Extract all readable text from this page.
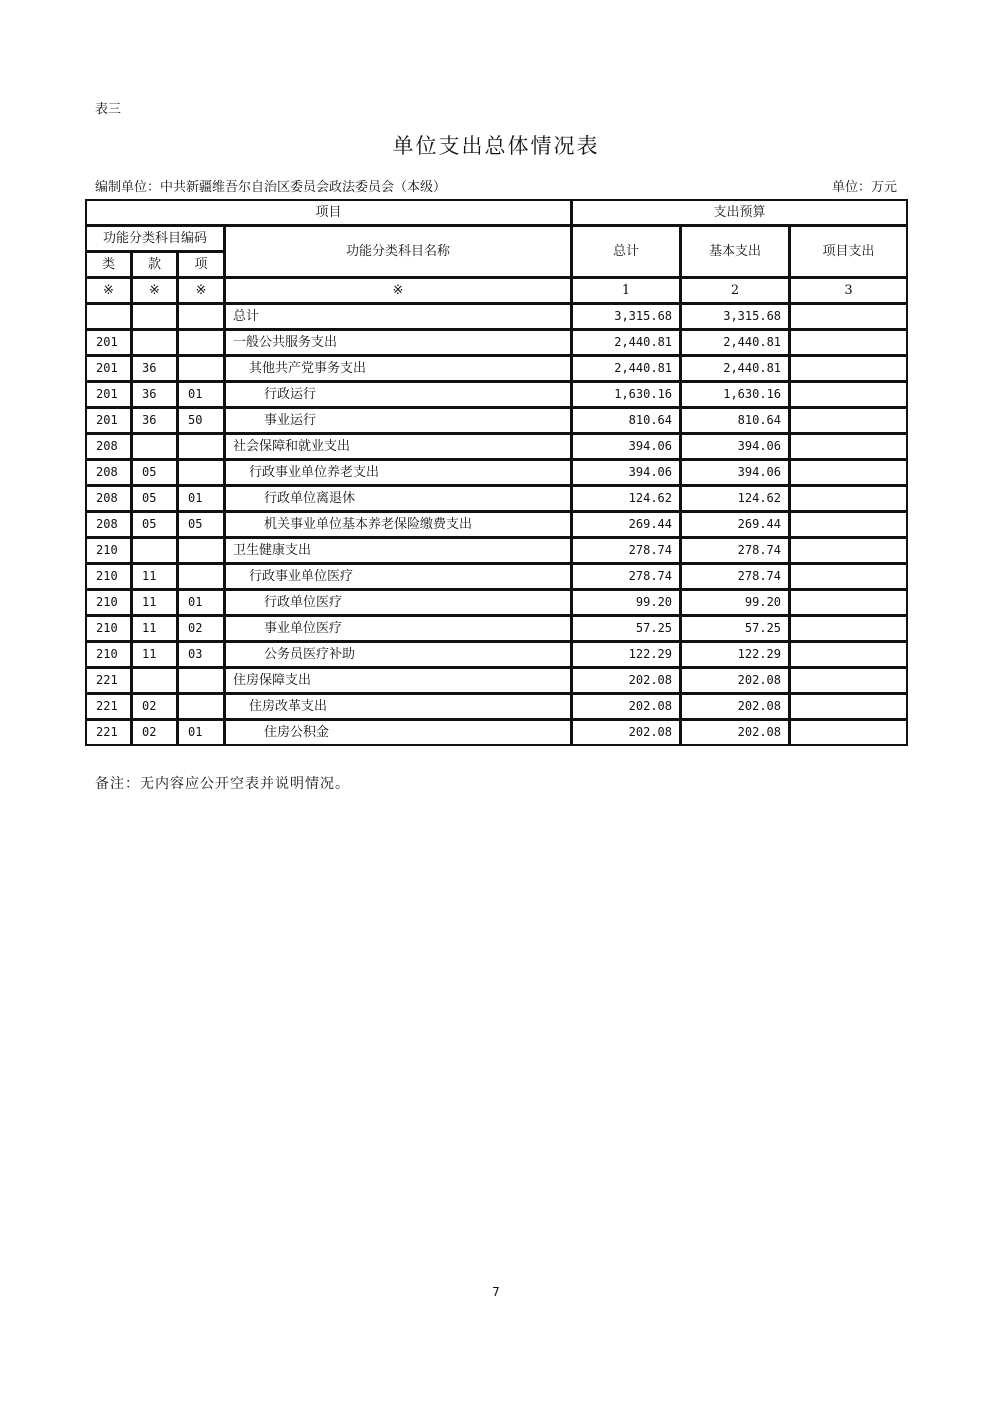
表三
单位支出总体情况表
编制单位：中共新疆维吾尔自治区委员会政法委员会（本级）	单位：万元
项目				支出预算		
功能分类科目编码			功能分类科目名称	总计	基本支出	项目支出
类	款	项				
※	※	※	※	1	2	3
			总计	3,315.68	3,315.68	
201			一般公共服务支出	2,440.81	2,440.81	
201	36		其他共产党事务支出	2,440.81	2,440.81	
201	36	01	行政运行	1,630.16	1,630.16	
201	36	50	事业运行	810.64	810.64	
208			社会保障和就业支出	394.06	394.06	
208	05		行政事业单位养老支出	394.06	394.06	
208	05	01	行政单位离退休	124.62	124.62	
208	05	05	机关事业单位基本养老保险缴费支出	269.44	269.44	
210			卫生健康支出	278.74	278.74	
210	11		行政事业单位医疗	278.74	278.74	
210	11	01	行政单位医疗	99.20	99.20	
210	11	02	事业单位医疗	57.25	57.25	
210	11	03	公务员医疗补助	122.29	122.29	
221			住房保障支出	202.08	202.08	
221	02		住房改革支出	202.08	202.08	
221	02	01	住房公积金	202.08	202.08	
备注：无内容应公开空表并说明情况。
7
